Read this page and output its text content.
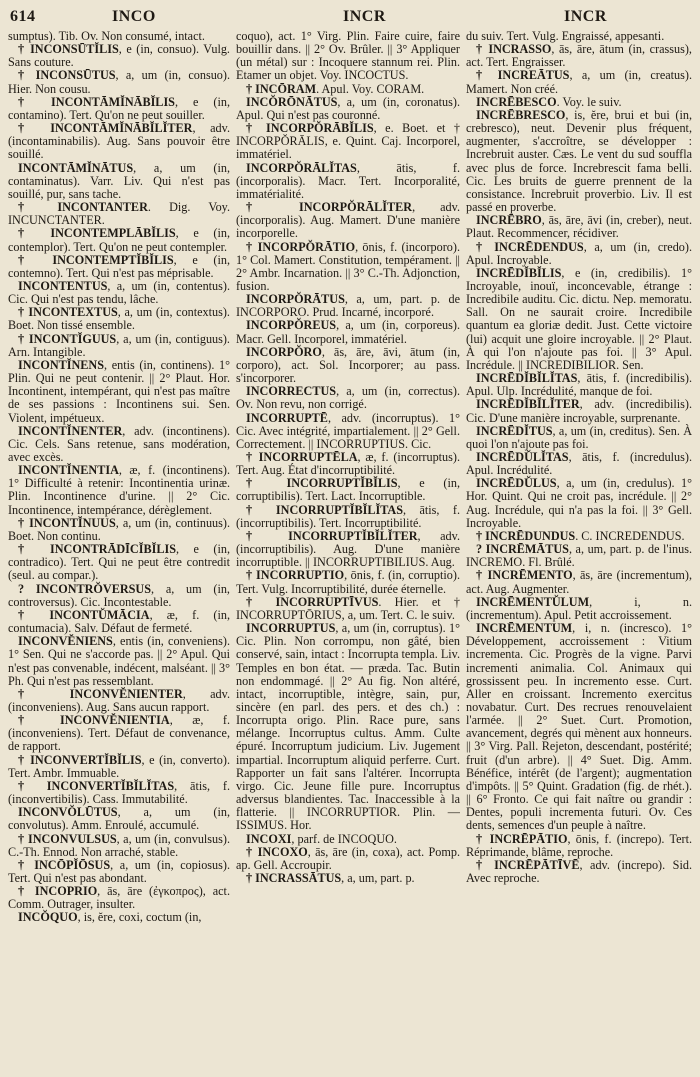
614	INCO	INCR	INCR

sumptus). Tib. Ov. Non consumé, intact.

† INCONSŪTĬLIS, e (in, consuo). Vulg. Sans couture.

† INCONSŪTUS, a, um (in, consuo). Hier. Non cousu.

† INCONTĀMĬNĀBĬLIS, e (in, contamino). Tert. Qu'on ne peut souiller.

† INCONTĀMĬNĀBĬLĬTER, adv. (incontaminabilis). Aug. Sans pouvoir être souillé.

INCONTĀMĬNĀTUS, a, um (in, contaminatus). Varr. Liv. Qui n'est pas souillé, pur, sans tache.

† INCONTANTER. Dig. Voy. INCUNCTANTER.

† INCONTEMPLĀBĬLIS, e (in, contemplor). Tert. Qu'on ne peut contempler.

† INCONTEMPTĬBĬLIS, e (in, contemno). Tert. Qui n'est pas méprisable.

INCONTENTUS, a, um (in, contentus). Cic. Qui n'est pas tendu, lâche.

† INCONTEXTUS, a, um (in, contextus). Boet. Non tissé ensemble.

† INCONTĬGUUS, a, um (in, contiguus). Arn. Intangible.

INCONTĬNENS, entis (in, continens). 1° Plin. Qui ne peut contenir. || 2° Plaut. Hor. Incontinent, intempérant, qui n'est pas maître de ses passions : Incontinens sui. Sen. Violent, impétueux.

INCONTĬNENTER, adv. (incontinens). Cic. Cels. Sans retenue, sans modération, avec excès.

INCONTĬNENTIA, æ, f. (incontinens). 1° Difficulté à retenir: Incontinentia urinæ. Plin. Incontinence d'urine. || 2° Cic. Incontinence, intempérance, dérèglement.

† INCONTĬNUUS, a, um (in, continuus). Boet. Non continu.

† INCONTRĀDĪCĬBĬLIS, e (in, contradico). Tert. Qui ne peut être contredit (seul. au compar.).

? INCONTRŎVERSUS, a, um (in, controversus). Cic. Incontestable.

† INCONTŬMĀCIA, æ, f. (in, contumacia). Salv. Défaut de fermeté.

INCONVĔNIENS, entis (in, conveniens). 1° Sen. Qui ne s'accorde pas. || 2° Apul. Qui n'est pas convenable, indécent, malséant. || 3° Ph. Qui n'est pas ressemblant.

† INCONVĔNIENTER, adv. (inconveniens). Aug. Sans aucun rapport.

† INCONVĔNIENTIA, æ, f. (inconveniens). Tert. Défaut de convenance, de rapport.

† INCONVERTĬBĬLIS, e (in, converto). Tert. Ambr. Immuable.

† INCONVERTĬBĬLĬTAS, ātis, f. (inconvertibilis). Cass. Immutabilité.

INCONVŎLŪTUS, a, um (in, convolutus). Amm. Enroulé, accumulé.

† INCONVULSUS, a, um (in, convulsus). C.-Th. Ennod. Non arraché, stable.

† INCŌPĬŌSUS, a, um (in, copiosus). Tert. Qui n'est pas abondant.

† INCOPRIO, ās, āre (ἐγκοπρος), act. Comm. Outrager, insulter.

INCŎQUO, is, ĕre, coxi, coctum (in,

coquo), act. 1° Virg. Plin. Faire cuire, faire bouillir dans. || 2° Ov. Brûler. || 3° Appliquer (un métal) sur : Incoquere stannum rei. Plin. Etamer un objet. Voy. INCOCTUS.

† INCŌRAM. Apul. Voy. CORAM.

INCŎRŌNĀTUS, a, um (in, coronatus). Apul. Qui n'est pas couronné.

† INCORPŎRĀBĬLIS, e. Boet. et † INCORPŎRĀLIS, e. Quint. Caj. Incorporel, immatériel.

INCORPŎRĀLĬTAS, ātis, f. (incorporalis). Macr. Tert. Incorporalité, immatérialité.

† INCORPŎRĀLĬTER, adv. (incorporalis). Aug. Mamert. D'une manière incorporelle.

† INCORPŎRĀTIO, ōnis, f. (incorporo). 1° Col. Mamert. Constitution, tempérament. || 2° Ambr. Incarnation. || 3° C.-Th. Adjonction, fusion.

INCORPŎRĀTUS, a, um, part. p. de INCORPORO. Prud. Incarné, incorporé.

INCORPŎREUS, a, um (in, corporeus). Macr. Gell. Incorporel, immatériel.

INCORPŎRO, ās, āre, āvi, ātum (in, corporo), act. Sol. Incorporer; au pass. s'incorporer.

INCORRECTUS, a, um (in, correctus). Ov. Non revu, non corrigé.

INCORRUPTĒ, adv. (incorruptus). 1° Cic. Avec intégrité, impartialement. || 2° Gell. Correctement. || INCORRUPTIUS. Cic.

† INCORRUPTĒLA, æ, f. (incorruptus). Tert. Aug. État d'incorruptibilité.

† INCORRUPTĬBĬLIS, e (in, corruptibilis). Tert. Lact. Incorruptible.

† INCORRUPTĬBĬLĬTAS, ātis, f. (incorruptibilis). Tert. Incorruptibilité.

† INCORRUPTĬBĬLĬTER, adv. (incorruptibilis). Aug. D'une manière incorruptible. || INCORRUPTIBILIUS. Aug.

† INCORRUPTIO, ōnis, f. (in, corruptio). Tert. Vulg. Incorruptibilité, durée éternelle.

† INCORRUPTĪVUS. Hier. et † INCORRUPTŌRIUS, a, um. Tert. C. le suiv.

INCORRUPTUS, a, um (in, corruptus). 1° Cic. Plin. Non corrompu, non gâté, bien conservé, sain, intact : Incorrupta templa. Liv. Temples en bon état. — præda. Tac. Butin non endommagé. || 2° Au fig. Non altéré, intact, incorruptible, intègre, sain, pur, sincère (en parl. des pers. et des ch.) : Incorrupta origo. Plin. Race pure, sans mélange. Incorruptus cultus. Amm. Culte épuré. Incorruptum judicium. Liv. Jugement impartial. Incorruptum aliquid perferre. Curt. Rapporter un fait sans l'altérer. Incorrupta virgo. Cic. Jeune fille pure. Incorruptus adversus blandientes. Tac. Inaccessible à la flatterie. || INCORRUPTIOR. Plin. — ISSIMUS. Hor.

INCOXI, parf. de INCOQUO.

† INCOXO, ās, āre (in, coxa), act. Pomp. ap. Gell. Accroupir.

† INCRASSĀTUS, a, um, part. p.

du suiv. Tert. Vulg. Engraissé, appesanti.

† INCRASSO, ās, āre, ātum (in, crassus), act. Tert. Engraisser.

† INCREĀTUS, a, um (in, creatus). Mamert. Non créé.

INCRĒBESCO. Voy. le suiv.

INCRĒBRESCO, is, ĕre, brui et bui (in, crebresco), neut. Devenir plus fréquent, augmenter, s'accroître, se développer : Increbruit auster. Cæs. Le vent du sud souffla avec plus de force. Increbrescit fama belli. Cic. Les bruits de guerre prennent de la consistance. Increbruit proverbio. Liv. Il est passé en proverbe.

INCRĒBRO, ās, āre, āvi (in, creber), neut. Plaut. Recommencer, récidiver.

† INCRĒDENDUS, a, um (in, credo). Apul. Incroyable.

INCRĒDĬBĬLIS, e (in, credibilis). 1° Incroyable, inouï, inconcevable, étrange : Incredibile auditu. Cic. dictu. Nep. memoratu. Sall. On ne saurait croire. Incredibile quantum ea gloriæ dedit. Just. Cette victoire (lui) acquit une gloire incroyable. || 2° Plaut. À qui l'on n'ajoute pas foi. || 3° Apul. Incrédule. || INCREDIBILIOR. Sen.

INCRĒDĬBĬLĬTAS, ātis, f. (incredibilis). Apul. Ulp. Incrédulité, manque de foi.

INCRĒDĬBĬLĬTER, adv. (incredibilis). Cic. D'une manière incroyable, surprenante.

INCRĒDĬTUS, a, um (in, creditus). Sen. À quoi l'on n'ajoute pas foi.

INCRĒDŬLĬTAS, ātis, f. (incredulus). Apul. Incrédulité.

INCRĒDŬLUS, a, um (in, credulus). 1° Hor. Quint. Qui ne croit pas, incrédule. || 2° Aug. Incrédule, qui n'a pas la foi. || 3° Gell. Incroyable.

† INCRĒDUNDUS. C. INCREDENDUS.

? INCRĒMĀTUS, a, um, part. p. de l'inus. INCREMO. Fl. Brûlé.

† INCRĒMENTO, ās, āre (incrementum), act. Aug. Augmenter.

INCRĒMENTŬLUM, i, n. (incrementum). Apul. Petit accroissement.

INCRĒMENTUM, i, n. (incresco). 1° Développement, accroissement : Vitium incrementa. Cic. Progrès de la vigne. Parvi incrementi animalia. Col. Animaux qui grossissent peu. In incremento esse. Curt. Aller en croissant. Incremento exercitus novabatur. Curt. Des recrues renouvelaient l'armée. || 2° Suet. Curt. Promotion, avancement, degrés qui mènent aux honneurs. || 3° Virg. Pall. Rejeton, descendant, postérité; fruit (d'un arbre). || 4° Suet. Dig. Amm. Bénéfice, intérêt (de l'argent); augmentation d'impôts. || 5° Quint. Gradation (fig. de rhét.). || 6° Fronto. Ce qui fait naître ou grandir : Dentes, populi incrementa futuri. Ov. Ces dents, semences d'un peuple à naître.

† INCRĒPĀTIO, ōnis, f. (increpo). Tert. Réprimande, blâme, reproche.

† INCRĒPĀTĪVĒ, adv. (increpo). Sid. Avec reproche.
